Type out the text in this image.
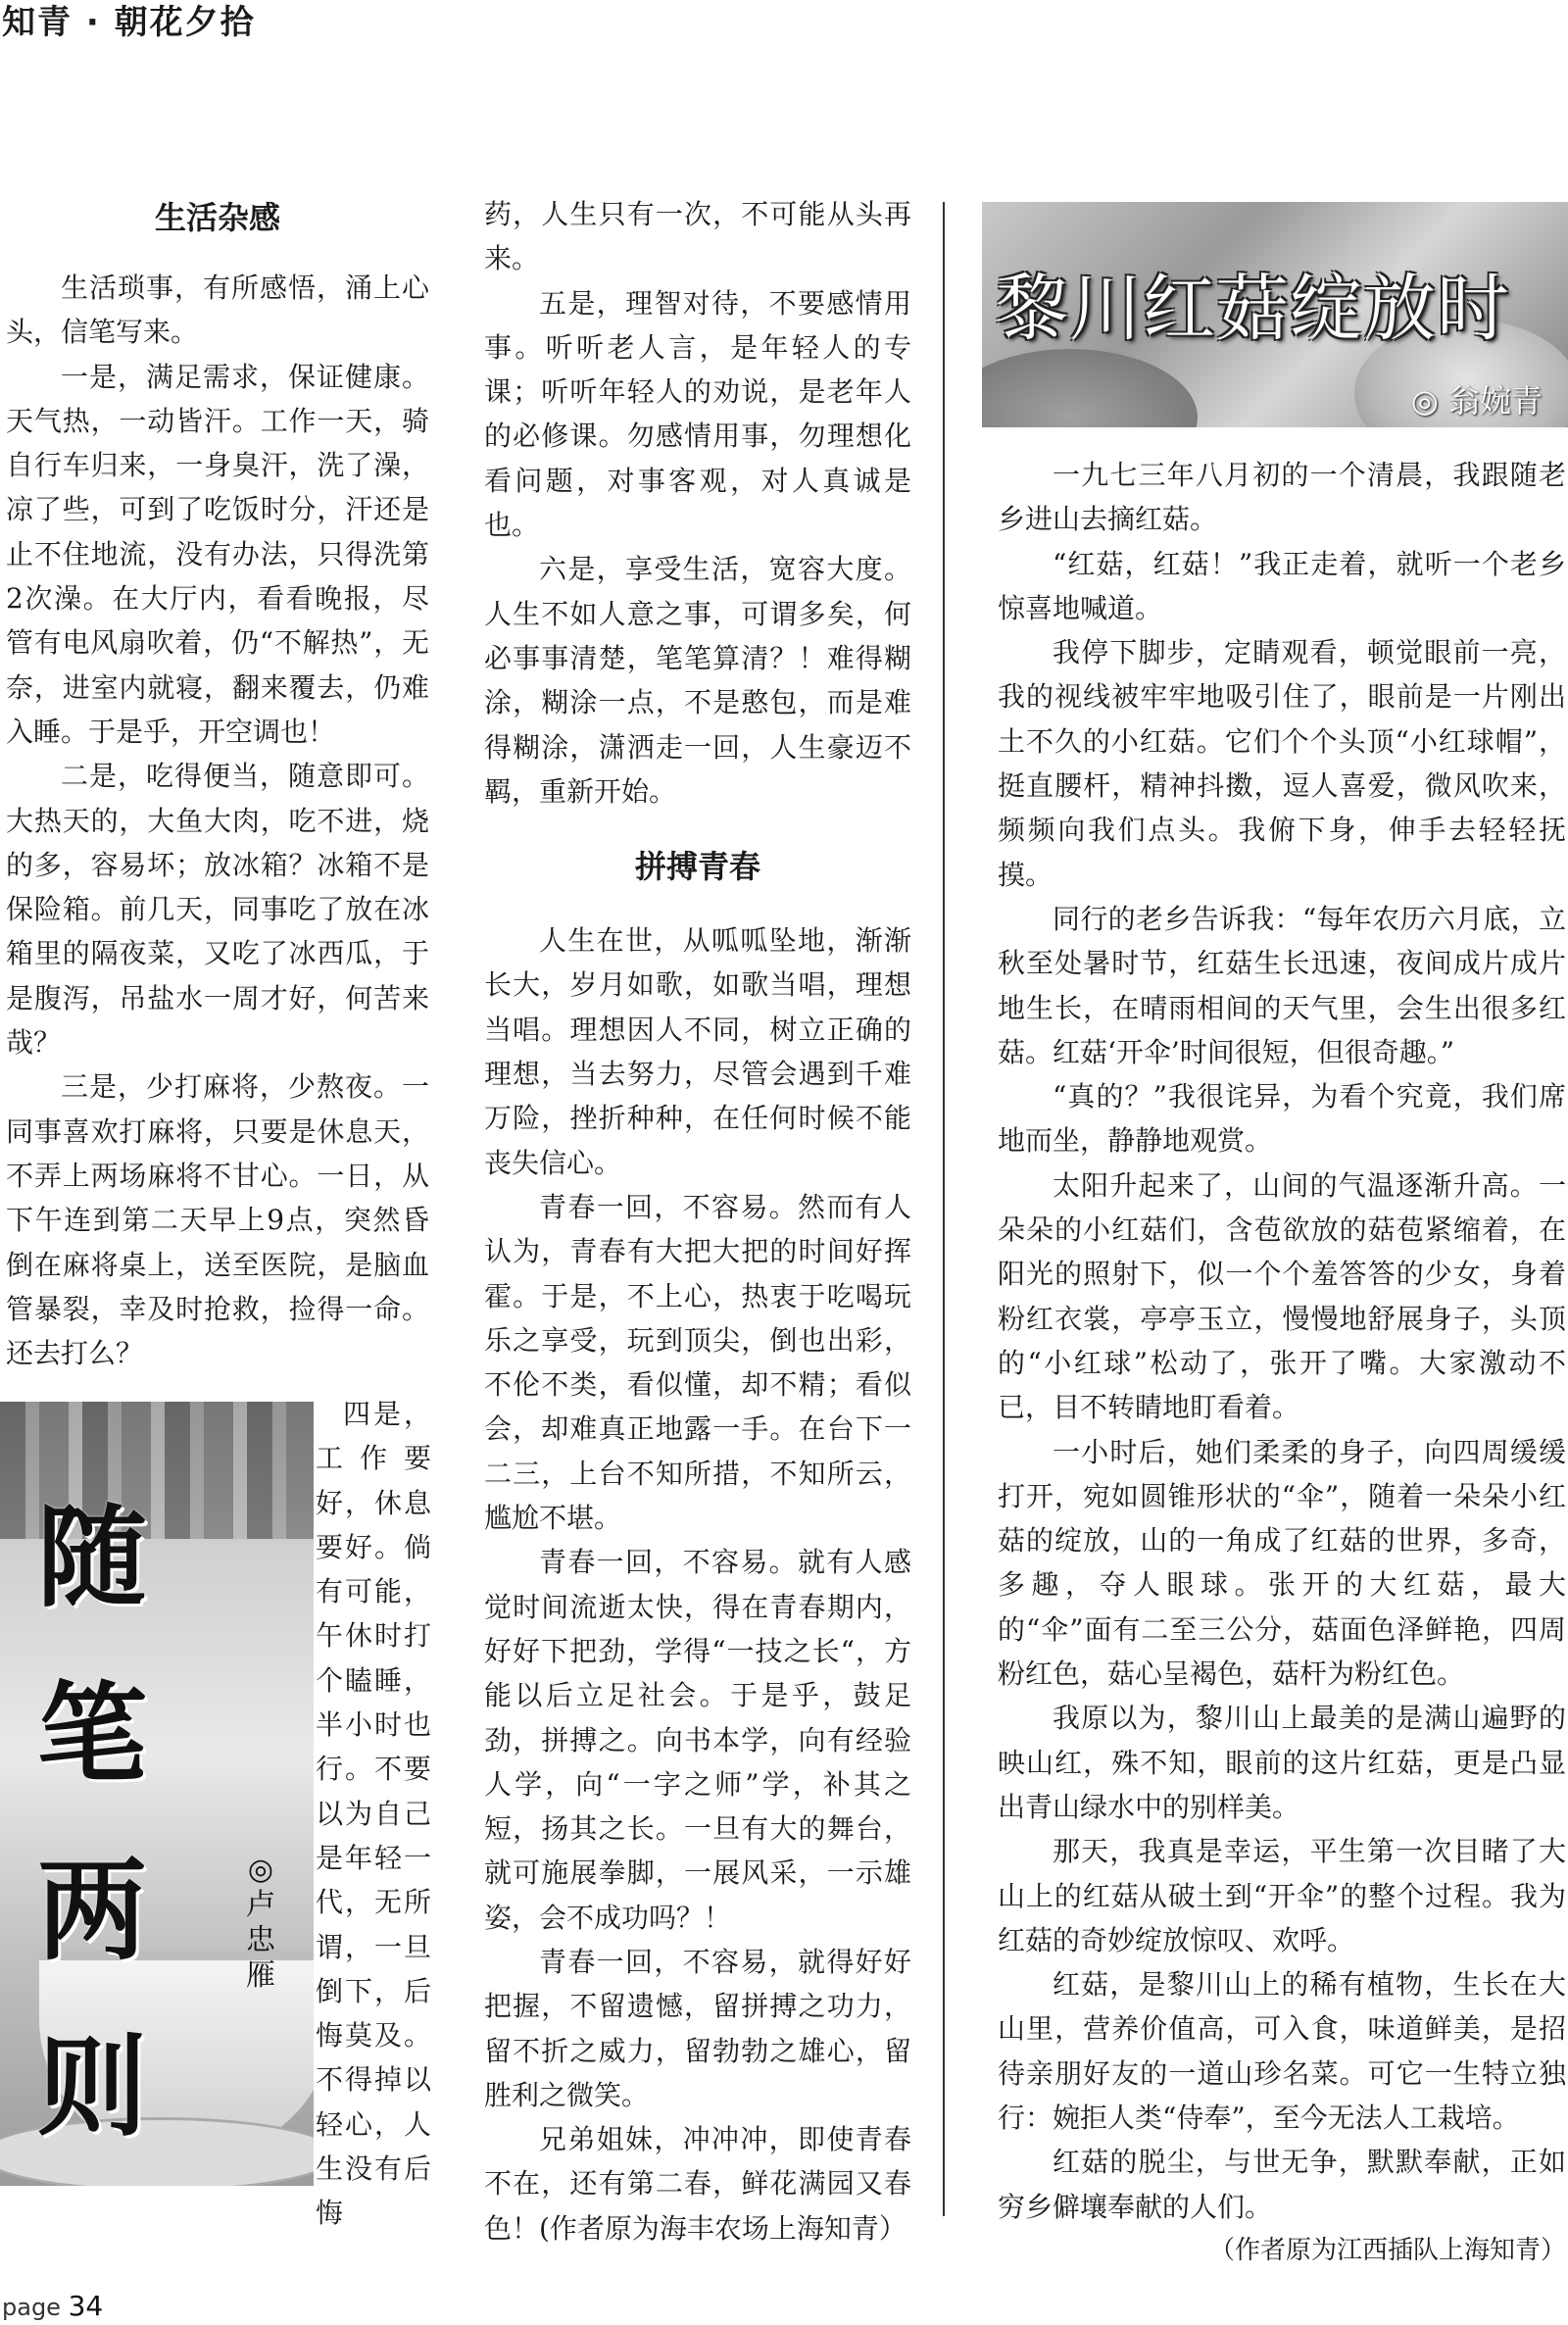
知青 · 朝花夕拾
生活杂感

生活琐事，有所感悟，涌上心头，信笔写来。

一是，满足需求，保证健康。天气热，一动皆汗。工作一天，骑自行车归来，一身臭汗，洗了澡，凉了些，可到了吃饭时分，汗还是止不住地流，没有办法，只得洗第2次澡。在大厅内，看看晚报，尽管有电风扇吹着，仍“不解热”，无奈，进室内就寝，翻来覆去，仍难入睡。于是乎，开空调也！

二是，吃得便当，随意即可。大热天的，大鱼大肉，吃不进，烧的多，容易坏；放冰箱？冰箱不是保险箱。前几天，同事吃了放在冰箱里的隔夜菜，又吃了冰西瓜，于是腹泻，吊盐水一周才好，何苦来哉？

三是，少打麻将，少熬夜。一同事喜欢打麻将，只要是休息天，不弄上两场麻将不甘心。一日，从下午连到第二天早上9点，突然昏倒在麻将桌上，送至医院，是脑血管暴裂，幸及时抢救，捡得一命。还去打么？

随
笔
两
则
◎卢忠雁

四是，工作要好，休息要好。倘有可能，午休时打个瞌睡，半小时也行。不要以为自己是年轻一代，无所谓，一旦倒下，后悔莫及。不得掉以轻心，人生没有后悔

药，人生只有一次，不可能从头再来。

五是，理智对待，不要感情用事。听听老人言，是年轻人的专课；听听年轻人的劝说，是老年人的必修课。勿感情用事，勿理想化看问题，对事客观，对人真诚是也。

六是，享受生活，宽容大度。人生不如人意之事，可谓多矣，何必事事清楚，笔笔算清？！难得糊涂，糊涂一点，不是憨包，而是难得糊涂，潇洒走一回，人生豪迈不羁，重新开始。

拼搏青春

人生在世，从呱呱坠地，渐渐长大，岁月如歌，如歌当唱，理想当唱。理想因人不同，树立正确的理想，当去努力，尽管会遇到千难万险，挫折种种，在任何时候不能丧失信心。

青春一回，不容易。然而有人认为，青春有大把大把的时间好挥霍。于是，不上心，热衷于吃喝玩乐之享受，玩到顶尖，倒也出彩，不伦不类，看似懂，却不精；看似会，却难真正地露一手。在台下一二三，上台不知所措，不知所云，尴尬不堪。

青春一回，不容易。就有人感觉时间流逝太快，得在青春期内，好好下把劲，学得“一技之长“，方能以后立足社会。于是乎，鼓足劲，拼搏之。向书本学，向有经验人学，向“一字之师”学，补其之短，扬其之长。一旦有大的舞台，就可施展拳脚，一展风采，一示雄姿，会不成功吗？！

青春一回，不容易，就得好好把握，不留遗憾，留拼搏之功力，留不折之威力，留勃勃之雄心，留胜利之微笑。

兄弟姐妹，冲冲冲，即使青春不在，还有第二春，鲜花满园又春色！(作者原为海丰农场上海知青）

黎川红菇绽放时
◎ 翁婉青

一九七三年八月初的一个清晨，我跟随老乡进山去摘红菇。

“红菇，红菇！”我正走着，就听一个老乡惊喜地喊道。

我停下脚步，定睛观看，顿觉眼前一亮，我的视线被牢牢地吸引住了，眼前是一片刚出土不久的小红菇。它们个个头顶“小红球帽”，挺直腰杆，精神抖擞，逗人喜爱，微风吹来，频频向我们点头。我俯下身，伸手去轻轻抚摸。

同行的老乡告诉我：“每年农历六月底，立秋至处暑时节，红菇生长迅速，夜间成片成片地生长，在晴雨相间的天气里，会生出很多红菇。红菇‘开伞’时间很短，但很奇趣。”

“真的？”我很诧异，为看个究竟，我们席地而坐，静静地观赏。

太阳升起来了，山间的气温逐渐升高。一朵朵的小红菇们，含苞欲放的菇苞紧缩着，在阳光的照射下，似一个个羞答答的少女，身着粉红衣裳，亭亭玉立，慢慢地舒展身子，头顶的“小红球”松动了，张开了嘴。大家激动不已，目不转睛地盯看着。

一小时后，她们柔柔的身子，向四周缓缓打开，宛如圆锥形状的“伞”，随着一朵朵小红菇的绽放，山的一角成了红菇的世界，多奇，多趣，夺人眼球。张开的大红菇，最大的“伞”面有二至三公分，菇面色泽鲜艳，四周粉红色，菇心呈褐色，菇杆为粉红色。

我原以为，黎川山上最美的是满山遍野的映山红，殊不知，眼前的这片红菇，更是凸显出青山绿水中的别样美。

那天，我真是幸运，平生第一次目睹了大山上的红菇从破土到“开伞”的整个过程。我为红菇的奇妙绽放惊叹、欢呼。

红菇，是黎川山上的稀有植物，生长在大山里，营养价值高，可入食，味道鲜美，是招待亲朋好友的一道山珍名菜。可它一生特立独行：婉拒人类“侍奉”，至今无法人工栽培。

红菇的脱尘，与世无争，默默奉献，正如穷乡僻壤奉献的人们。

（作者原为江西插队上海知青）
page 34
